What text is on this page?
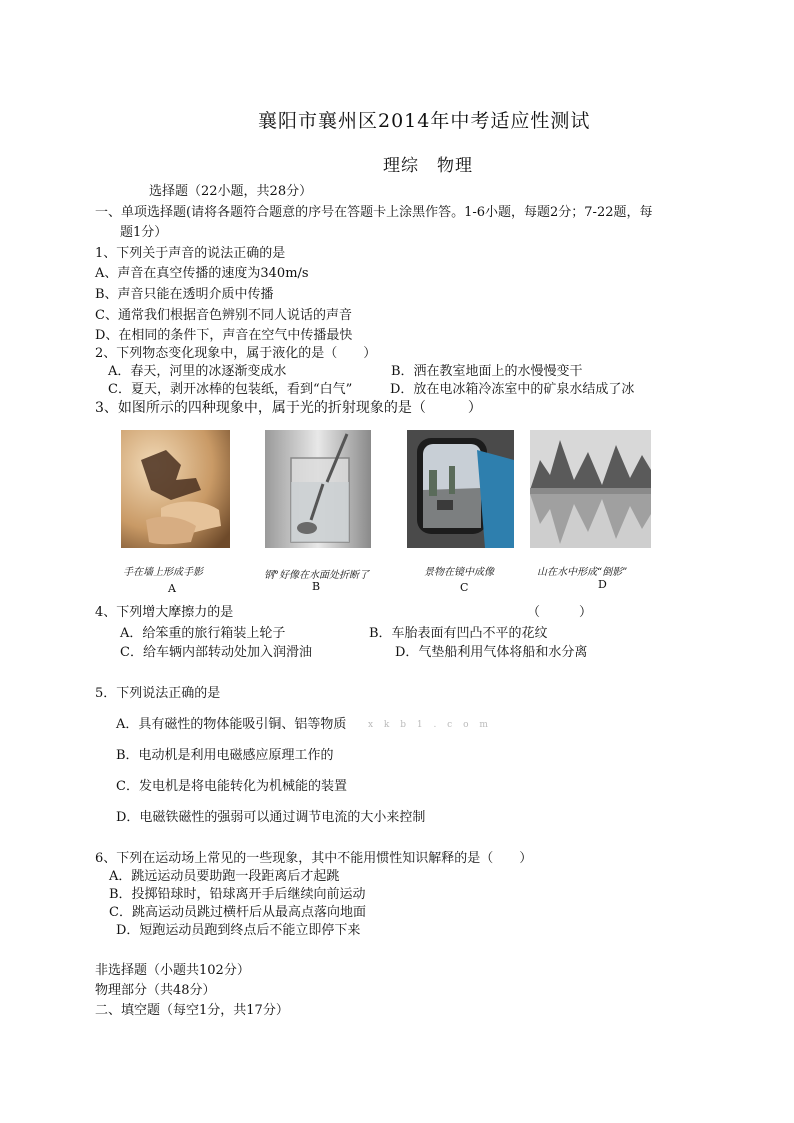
襄阳市襄州区2014年中考适应性测试
理综　物理
选择题（22小题，共28分）
一、单项选择题(请将各题符合题意的序号在答题卡上涂黑作答。1-6小题，每题2分；7-22题，每
题1分）
1、下列关于声音的说法正确的是
A、声音在真空传播的速度为340m/s
B、声音只能在透明介质中传播
C、通常我们根据音色辨别不同人说话的声音
D、在相同的条件下，声音在空气中传播最快
2、下列物态变化现象中，属于液化的是（　　）
A．春天，河里的冰逐渐变成水	B．洒在教室地面上的水慢慢变干
C．夏天，剥开冰棒的包装纸，看到“白气”	D．放在电冰箱冷冻室中的矿泉水结成了冰
3、如图所示的四种现象中，属于光的折射现象的是（　　　）
手在墙上形成手影	钢°好像在水面处折断了	景物在镜中成像	山在水中形成“倒影”
A	B	C	D
4、下列增大摩擦力的是	（　　　）
A．给笨重的旅行箱装上轮子	B．车胎表面有凹凸不平的花纹
C．给车辆内部转动处加入润滑油	D．气垫船利用气体将船和水分离
5．下列说法正确的是
A．具有磁性的物体能吸引铜、铝等物质 x k b 1 . c o m
B．电动机是利用电磁感应原理工作的
C．发电机是将电能转化为机械能的装置
D．电磁铁磁性的强弱可以通过调节电流的大小来控制
6、下列在运动场上常见的一些现象，其中不能用惯性知识解释的是（　　）
A．跳远运动员要助跑一段距离后才起跳
B．投掷铅球时，铅球离开手后继续向前运动
C．跳高运动员跳过横杆后从最高点落向地面
D．短跑运动员跑到终点后不能立即停下来
非选择题（小题共102分）
物理部分（共48分）
二、填空题（每空1分，共17分）
